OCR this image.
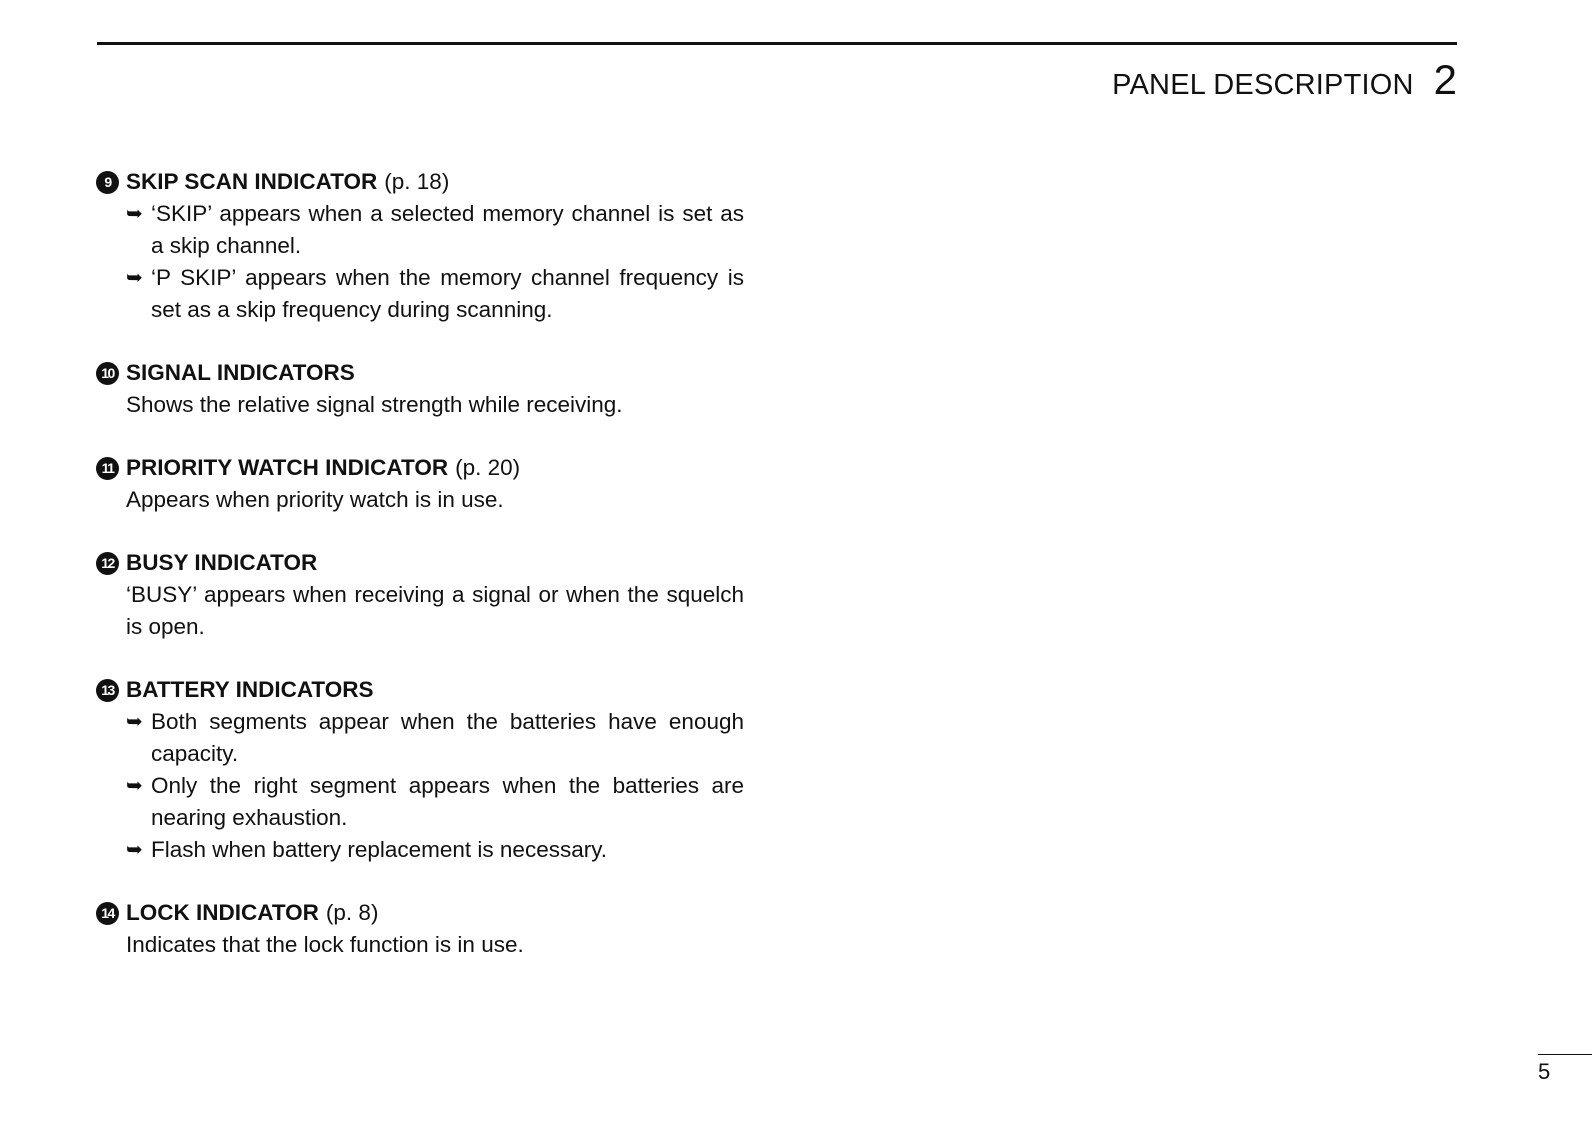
PANEL DESCRIPTION 2
9 SKIP SCAN INDICATOR (p. 18)
➥ ‘SKIP’ appears when a selected memory channel is set as a skip channel.
➥ ‘P SKIP’ appears when the memory channel frequency is set as a skip frequency during scanning.
10 SIGNAL INDICATORS
Shows the relative signal strength while receiving.
11 PRIORITY WATCH INDICATOR (p. 20)
Appears when priority watch is in use.
12 BUSY INDICATOR
‘BUSY’ appears when receiving a signal or when the squelch is open.
13 BATTERY INDICATORS
➥ Both segments appear when the batteries have enough capacity.
➥ Only the right segment appears when the batteries are nearing exhaustion.
➥ Flash when battery replacement is necessary.
14 LOCK INDICATOR (p. 8)
Indicates that the lock function is in use.
5
